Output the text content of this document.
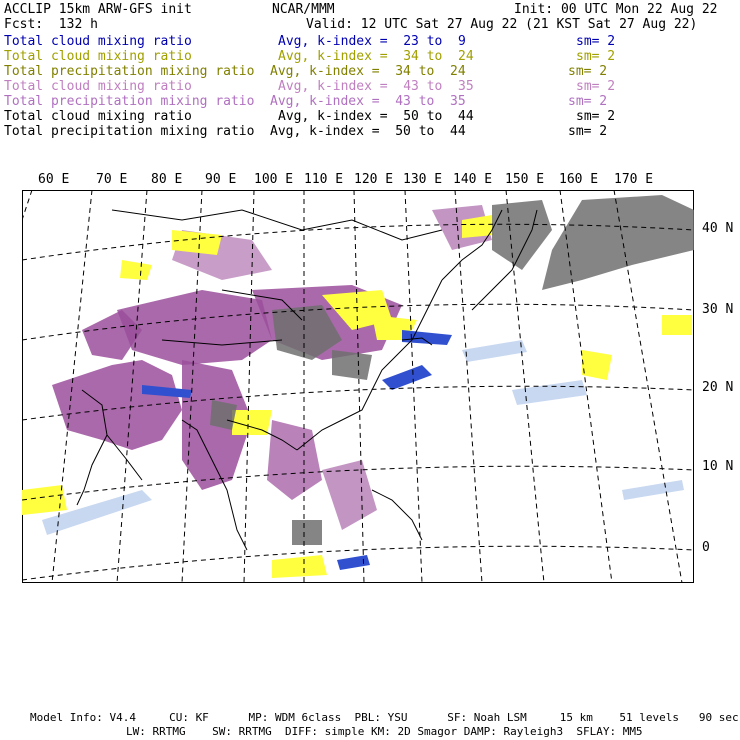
ACCLIP 15km ARW-GFS init	NCAR/MMM	Init: 00 UTC Mon 22 Aug 22
Fcst:  132 h	Valid: 12 UTC Sat 27 Aug 22 (21 KST Sat 27 Aug 22)
Total cloud mixing ratio	Avg, k-index =  23 to  9	sm= 2
Total cloud mixing ratio	Avg, k-index =  34 to  24	sm= 2
Total precipitation mixing ratio Avg, k-index =  34 to  24	sm= 2
Total cloud mixing ratio	Avg, k-index =  43 to  35	sm= 2
Total precipitation mixing ratio Avg, k-index =  43 to  35	sm= 2
Total cloud mixing ratio	Avg, k-index =  50 to  44	sm= 2
Total precipitation mixing ratio Avg, k-index =  50 to  44	sm= 2
60 E 70 E 80 E 90 E 100 E 110 E 120 E 130 E 140 E 150 E 160 E 170 E
40 N
30 N
20 N
10 N
0
Model Info: V4.4     CU: KF      MP: WDM 6class  PBL: YSU      SF: Noah LSM     15 km    51 levels   90 sec
LW: RRTMG    SW: RRTMG  DIFF: simple KM: 2D Smagor DAMP: Rayleigh3  SFLAY: MM5
